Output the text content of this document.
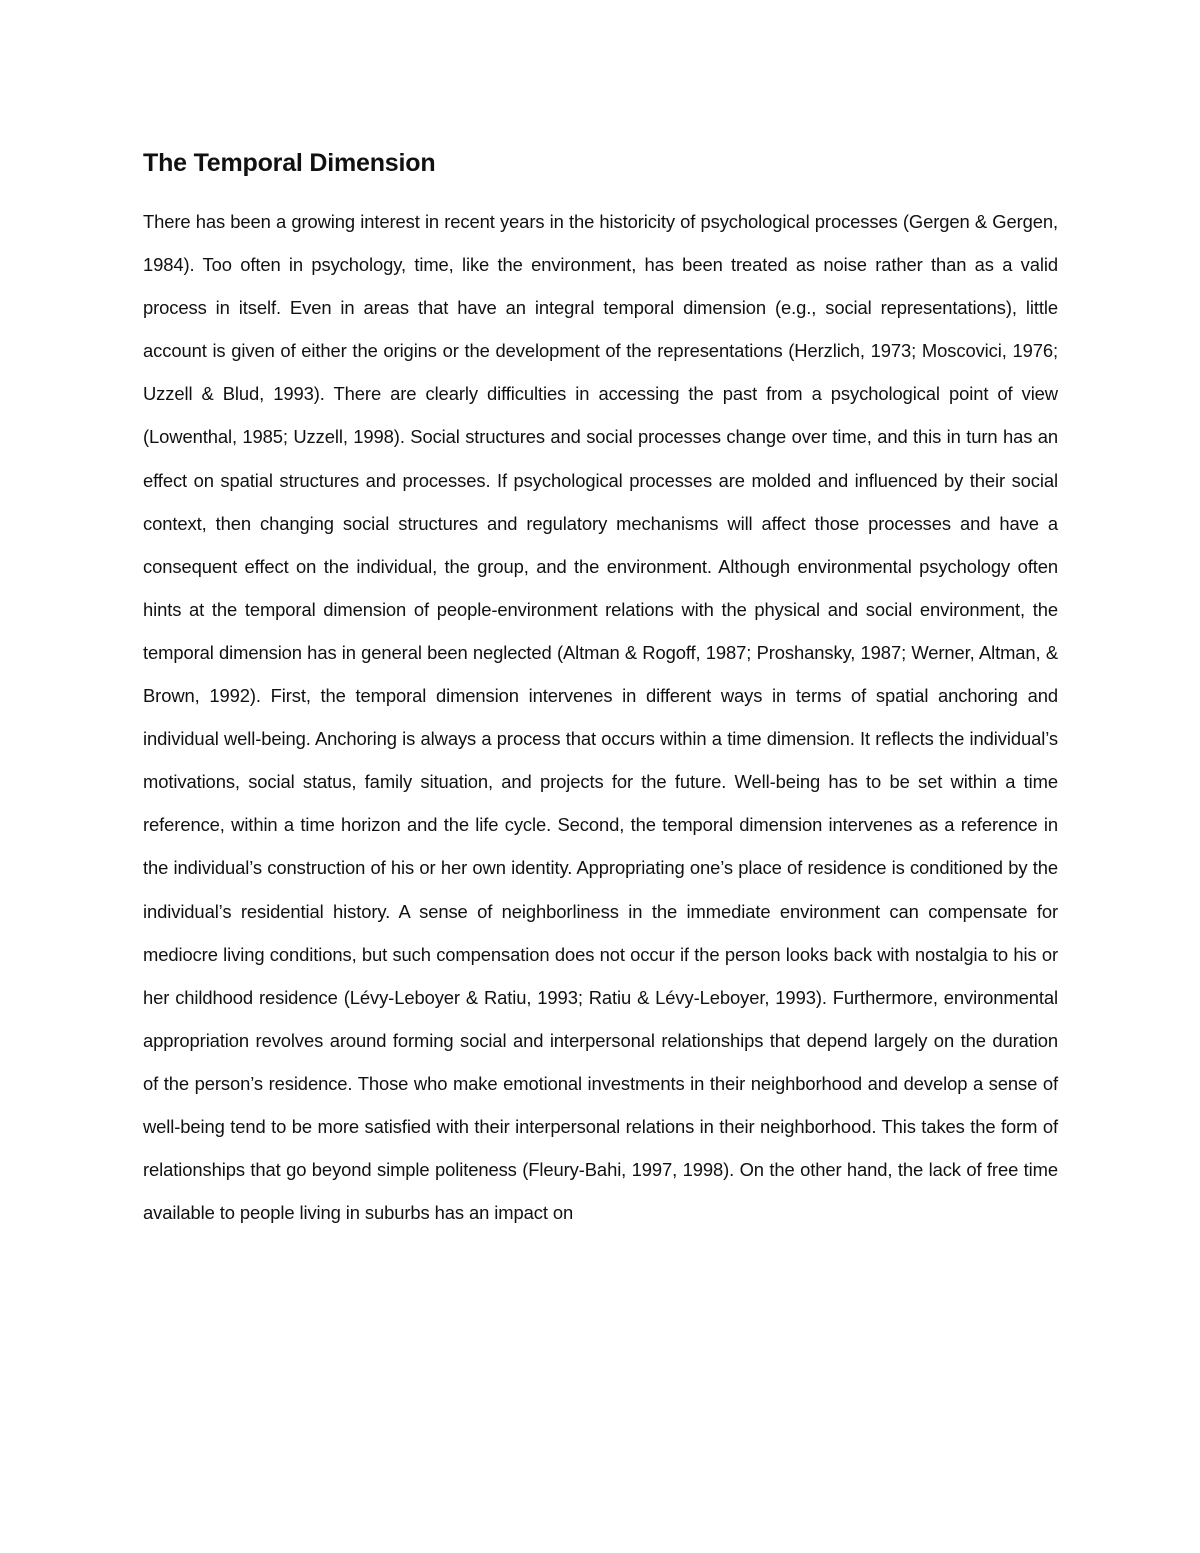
The Temporal Dimension

There has been a growing interest in recent years in the historicity of psychological processes (Gergen & Gergen, 1984). Too often in psychology, time, like the environment, has been treated as noise rather than as a valid process in itself. Even in areas that have an integral temporal dimension (e.g., social representations), little account is given of either the origins or the development of the representations (Herzlich, 1973; Moscovici, 1976; Uzzell & Blud, 1993). There are clearly difficulties in accessing the past from a psychological point of view (Lowenthal, 1985; Uzzell, 1998). Social structures and social processes change over time, and this in turn has an effect on spatial structures and processes. If psychological processes are molded and influenced by their social context, then changing social structures and regulatory mechanisms will affect those processes and have a consequent effect on the individual, the group, and the environment. Although environmental psychology often hints at the temporal dimension of people-environment relations with the physical and social environment, the temporal dimension has in general been neglected (Altman & Rogoff, 1987; Proshansky, 1987; Werner, Altman, & Brown, 1992). First, the temporal dimension intervenes in different ways in terms of spatial anchoring and individual well-being. Anchoring is always a process that occurs within a time dimension. It reflects the individual’s motivations, social status, family situation, and projects for the future. Well-being has to be set within a time reference, within a time horizon and the life cycle. Second, the temporal dimension intervenes as a reference in the individual’s construction of his or her own identity. Appropriating one’s place of residence is conditioned by the individual’s residential history. A sense of neighborliness in the immediate environment can compensate for mediocre living conditions, but such compensation does not occur if the person looks back with nostalgia to his or her childhood residence (Lévy-Leboyer & Ratiu, 1993; Ratiu & Lévy-Leboyer, 1993). Furthermore, environmental appropriation revolves around forming social and interpersonal relationships that depend largely on the duration of the person’s residence. Those who make emotional investments in their neighborhood and develop a sense of well-being tend to be more satisfied with their interpersonal relations in their neighborhood. This takes the form of relationships that go beyond simple politeness (Fleury-Bahi, 1997, 1998). On the other hand, the lack of free time available to people living in suburbs has an impact on
